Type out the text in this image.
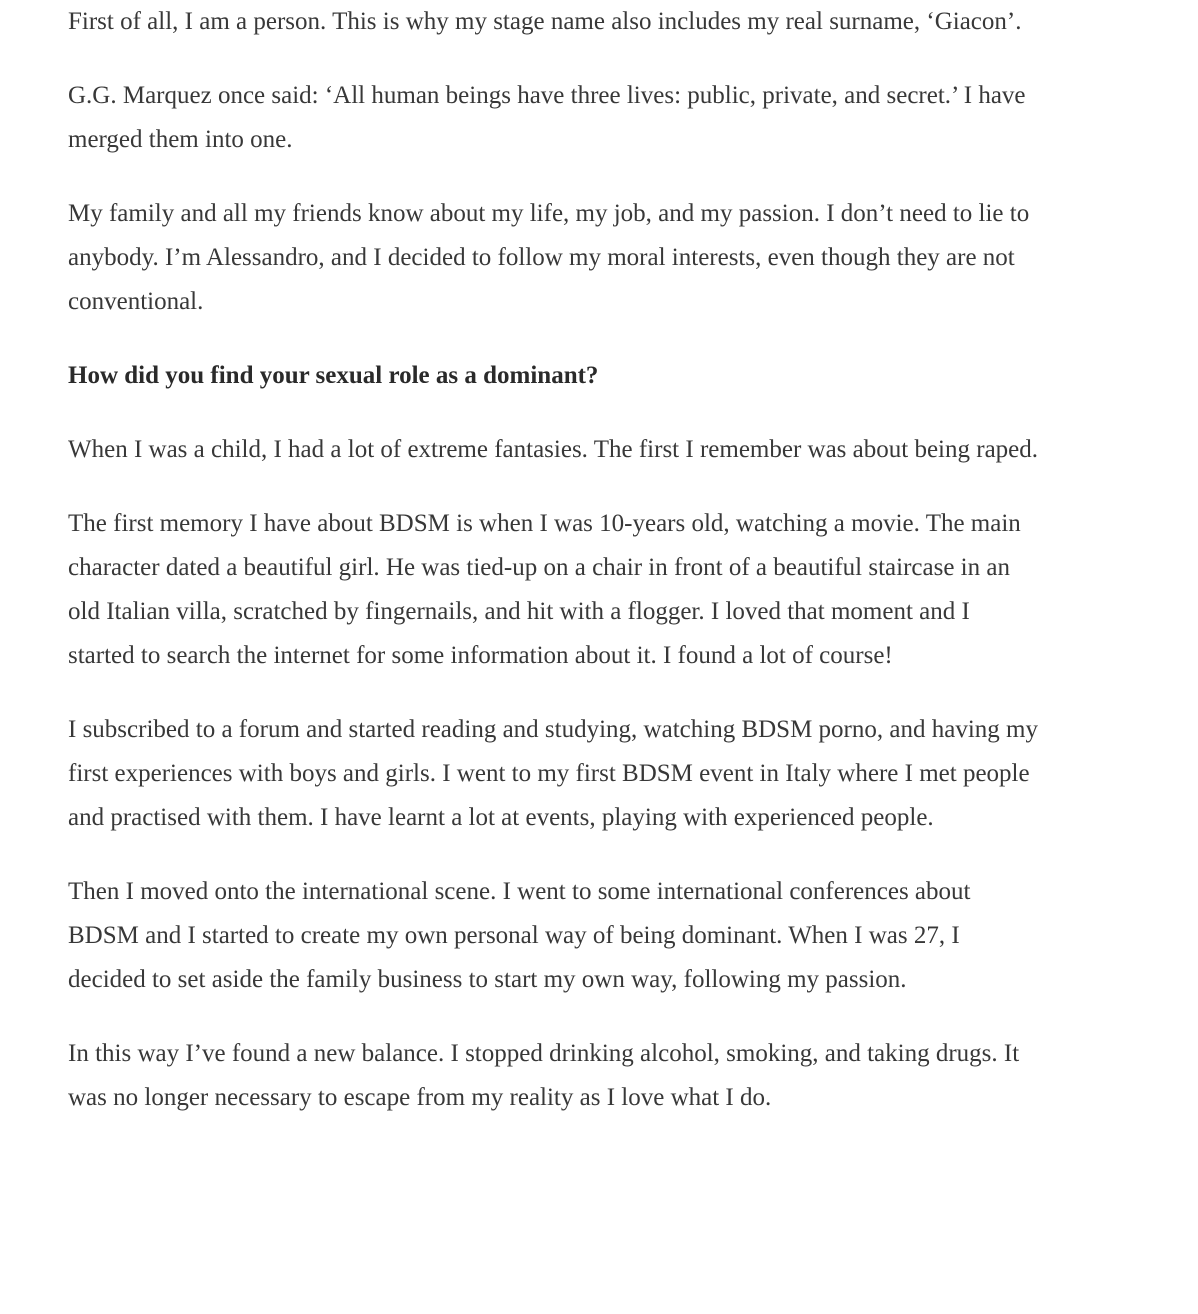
First of all, I am a person. This is why my stage name also includes my real surname, ‘Giacon’.

G.G. Marquez once said: ‘All human beings have three lives: public, private, and secret.’ I have merged them into one.

My family and all my friends know about my life, my job, and my passion. I don’t need to lie to anybody. I’m Alessandro, and I decided to follow my moral interests, even though they are not conventional.

How did you find your sexual role as a dominant?

When I was a child, I had a lot of extreme fantasies. The first I remember was about being raped.

The first memory I have about BDSM is when I was 10-years old, watching a movie. The main character dated a beautiful girl. He was tied-up on a chair in front of a beautiful staircase in an old Italian villa, scratched by fingernails, and hit with a flogger. I loved that moment and I started to search the internet for some information about it. I found a lot of course!

I subscribed to a forum and started reading and studying, watching BDSM porno, and having my first experiences with boys and girls. I went to my first BDSM event in Italy where I met people and practised with them. I have learnt a lot at events, playing with experienced people.

Then I moved onto the international scene. I went to some international conferences about BDSM and I started to create my own personal way of being dominant. When I was 27, I decided to set aside the family business to start my own way, following my passion.

In this way I’ve found a new balance. I stopped drinking alcohol, smoking, and taking drugs. It was no longer necessary to escape from my reality as I love what I do.
